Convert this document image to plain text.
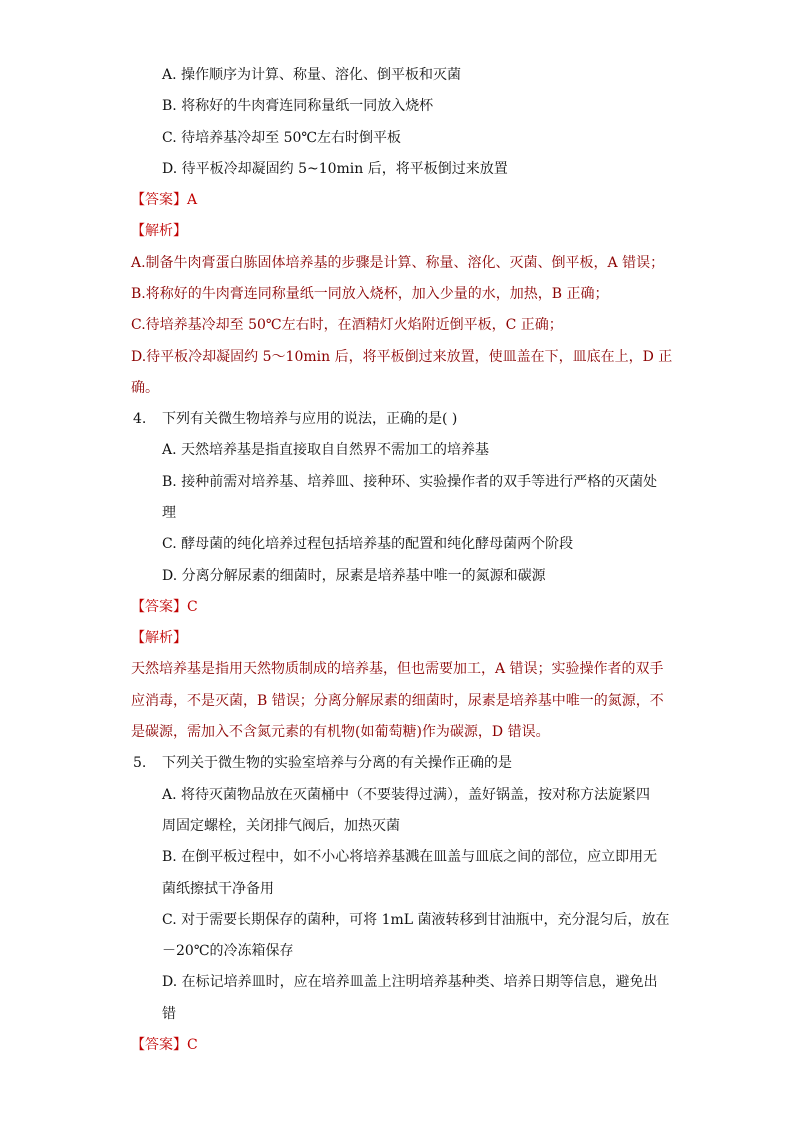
A. 操作顺序为计算、称量、溶化、倒平板和灭菌
B. 将称好的牛肉膏连同称量纸一同放入烧杯
C. 待培养基冷却至 50℃左右时倒平板
D. 待平板冷却凝固约 5~10min 后，将平板倒过来放置
【答案】A
【解析】
A.制备牛肉膏蛋白胨固体培养基的步骤是计算、称量、溶化、灭菌、倒平板，A 错误；
B.将称好的牛肉膏连同称量纸一同放入烧杯，加入少量的水，加热，B 正确；
C.待培养基冷却至 50℃左右时，在酒精灯火焰附近倒平板，C 正确；
D.待平板冷却凝固约 5～10min 后，将平板倒过来放置，使皿盖在下，皿底在上，D 正
确。
4. 下列有关微生物培养与应用的说法，正确的是( )
A. 天然培养基是指直接取自自然界不需加工的培养基
B. 接种前需对培养基、培养皿、接种环、实验操作者的双手等进行严格的灭菌处
理
C. 酵母菌的纯化培养过程包括培养基的配置和纯化酵母菌两个阶段
D. 分离分解尿素的细菌时，尿素是培养基中唯一的氮源和碳源
【答案】C
【解析】
天然培养基是指用天然物质制成的培养基，但也需要加工，A 错误；实验操作者的双手
应消毒，不是灭菌，B 错误；分离分解尿素的细菌时，尿素是培养基中唯一的氮源，不
是碳源，需加入不含氮元素的有机物(如葡萄糖)作为碳源，D 错误。
5. 下列关于微生物的实验室培养与分离的有关操作正确的是
A. 将待灭菌物品放在灭菌桶中（不要装得过满），盖好锅盖，按对称方法旋紧四
周固定螺栓，关闭排气阀后，加热灭菌
B. 在倒平板过程中，如不小心将培养基溅在皿盖与皿底之间的部位，应立即用无
菌纸擦拭干净备用
C. 对于需要长期保存的菌种，可将 1mL 菌液转移到甘油瓶中，充分混匀后，放在
－20℃的冷冻箱保存
D. 在标记培养皿时，应在培养皿盖上注明培养基种类、培养日期等信息，避免出
错
【答案】C
